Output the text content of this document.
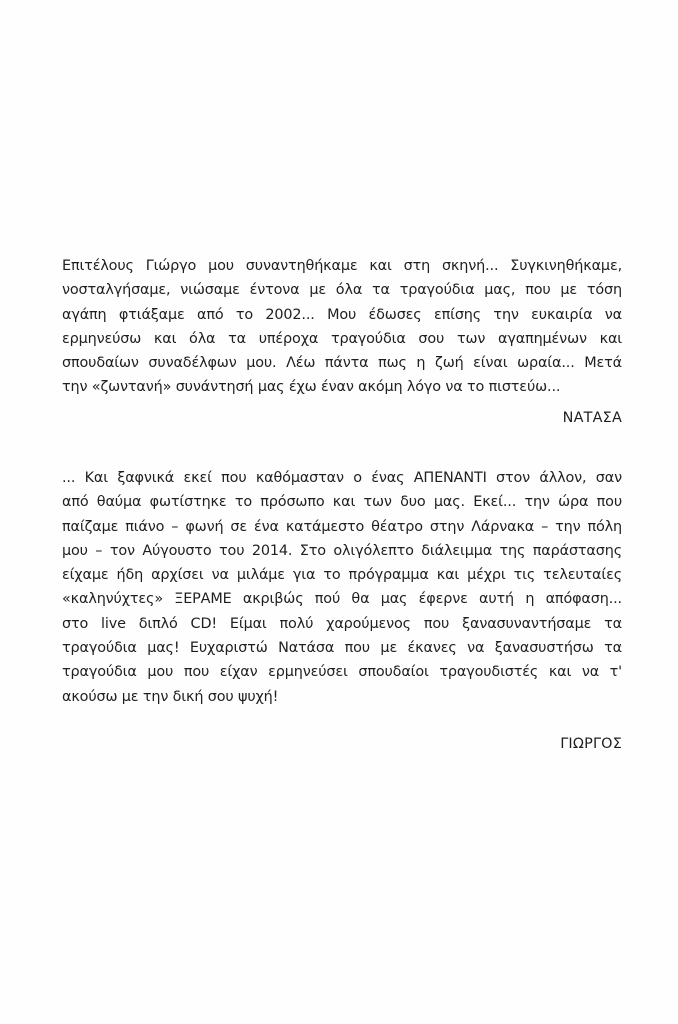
Επιτέλους Γιώργο μου συναντηθήκαμε και στη σκηνή... Συγκινηθήκαμε,
νοσταλγήσαμε, νιώσαμε έντονα με όλα τα τραγούδια μας, που με τόση
αγάπη φτιάξαμε από το 2002... Μου έδωσες επίσης την ευκαιρία να
ερμηνεύσω και όλα τα υπέροχα τραγούδια σου των αγαπημένων και
σπουδαίων συναδέλφων μου. Λέω πάντα πως η ζωή είναι ωραία... Μετά
την «ζωντανή» συνάντησή μας έχω έναν ακόμη λόγο να το πιστεύω...
ΝΑΤΑΣΑ
... Και ξαφνικά εκεί που καθόμασταν ο ένας ΑΠΕΝΑΝΤΙ στον άλλον, σαν
από θαύμα φωτίστηκε το πρόσωπο και των δυο μας. Εκεί... την ώρα που
παίζαμε πιάνο – φωνή σε ένα κατάμεστο θέατρο στην Λάρνακα – την πόλη
μου – τον Αύγουστο του 2014. Στο ολιγόλεπτο διάλειμμα της παράστασης
είχαμε ήδη αρχίσει να μιλάμε για το πρόγραμμα και μέχρι τις τελευταίες
«καληνύχτες» ΞΕΡΑΜΕ ακριβώς πού θα μας έφερνε αυτή η απόφαση...
στο live διπλό CD! Είμαι πολύ χαρούμενος που ξανασυναντήσαμε τα
τραγούδια μας! Ευχαριστώ Νατάσα που με έκανες να ξανασυστήσω τα
τραγούδια μου που είχαν ερμηνεύσει σπουδαίοι τραγουδιστές και να τ'
ακούσω με την δική σου ψυχή!
ΓΙΩΡΓΟΣ
